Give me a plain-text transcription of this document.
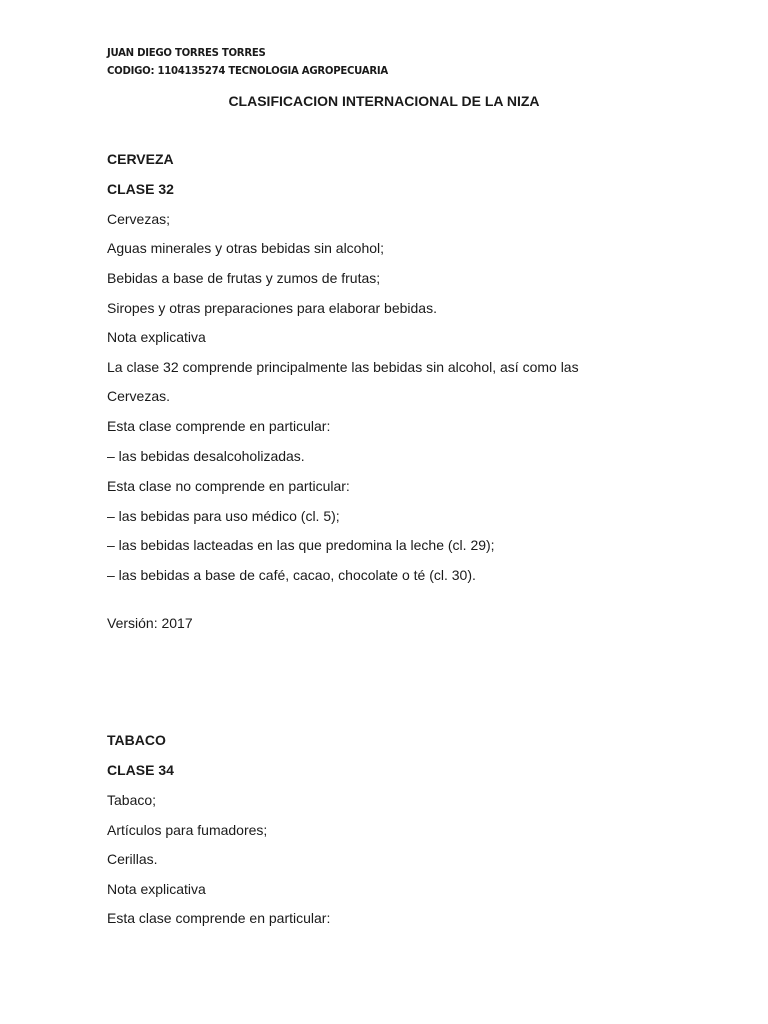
JUAN DIEGO TORRES TORRES
CODIGO: 1104135274 TECNOLOGIA AGROPECUARIA
CLASIFICACION INTERNACIONAL DE LA NIZA
CERVEZA
CLASE 32
Cervezas;
Aguas minerales y otras bebidas sin alcohol;
Bebidas a base de frutas y zumos de frutas;
Siropes y otras preparaciones para elaborar bebidas.
Nota explicativa
La clase 32 comprende principalmente las bebidas sin alcohol, así como las
Cervezas.
Esta clase comprende en particular:
– las bebidas desalcoholizadas.
Esta clase no comprende en particular:
– las bebidas para uso médico (cl. 5);
– las bebidas lacteadas en las que predomina la leche (cl. 29);
– las bebidas a base de café, cacao, chocolate o té (cl. 30).
Versión: 2017
TABACO
CLASE 34
Tabaco;
Artículos para fumadores;
Cerillas.
Nota explicativa
Esta clase comprende en particular:
